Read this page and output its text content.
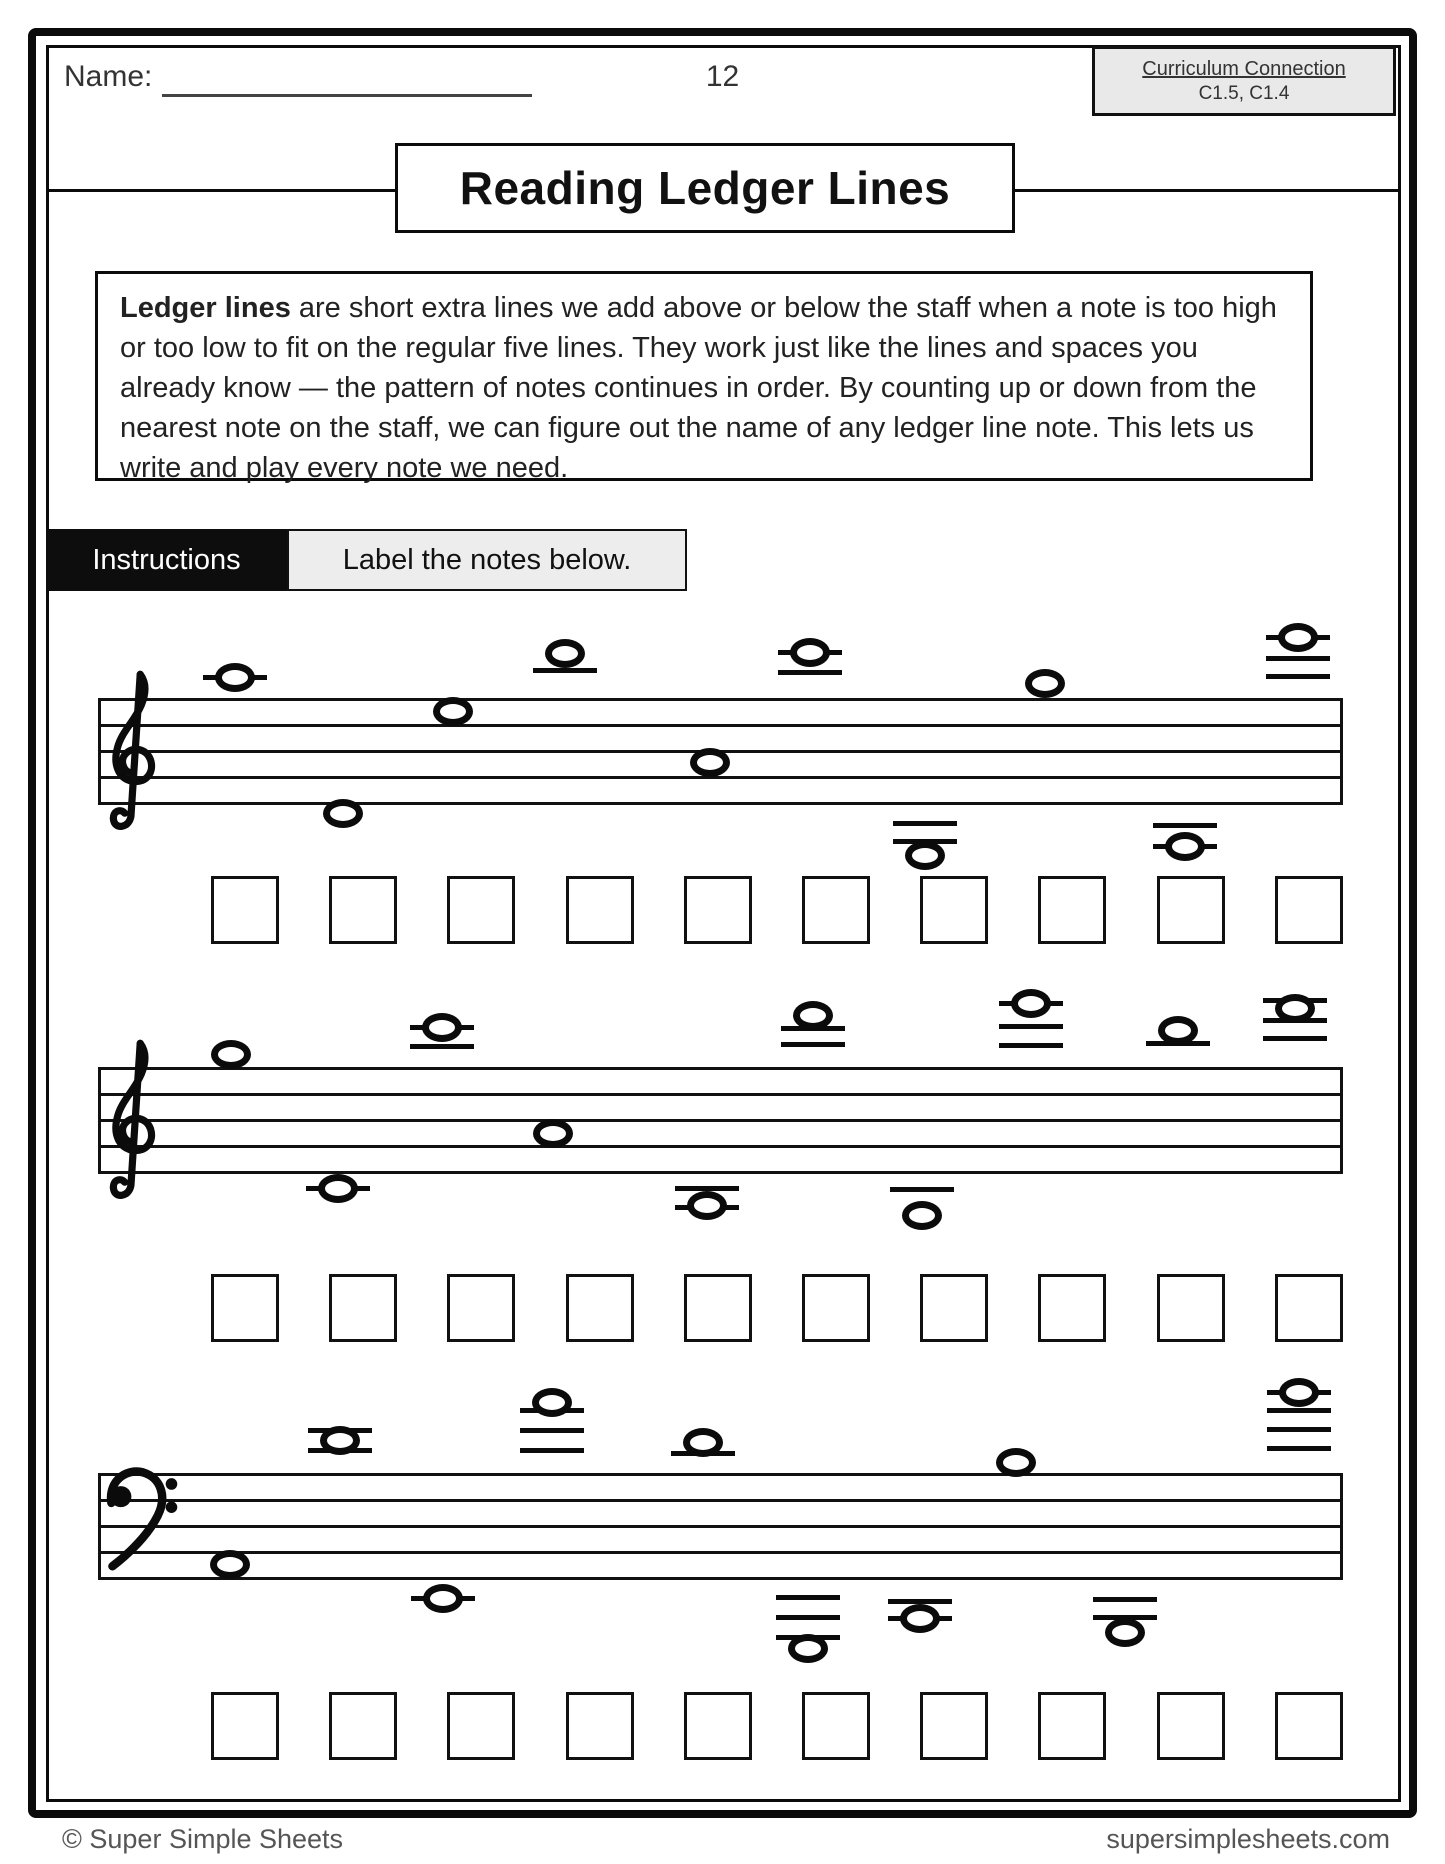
Name:	12	Curriculum Connection
C1.5, C1.4
Reading Ledger Lines
Ledger lines are short extra lines we add above or below the staff when a note is too high or too low to fit on the regular five lines. They work just like the lines and spaces you already know — the pattern of notes continues in order. By counting up or down from the nearest note on the staff, we can figure out the name of any ledger line note. This lets us write and play every note we need.
Instructions	Label the notes below.
© Super Simple Sheets	supersimplesheets.com
